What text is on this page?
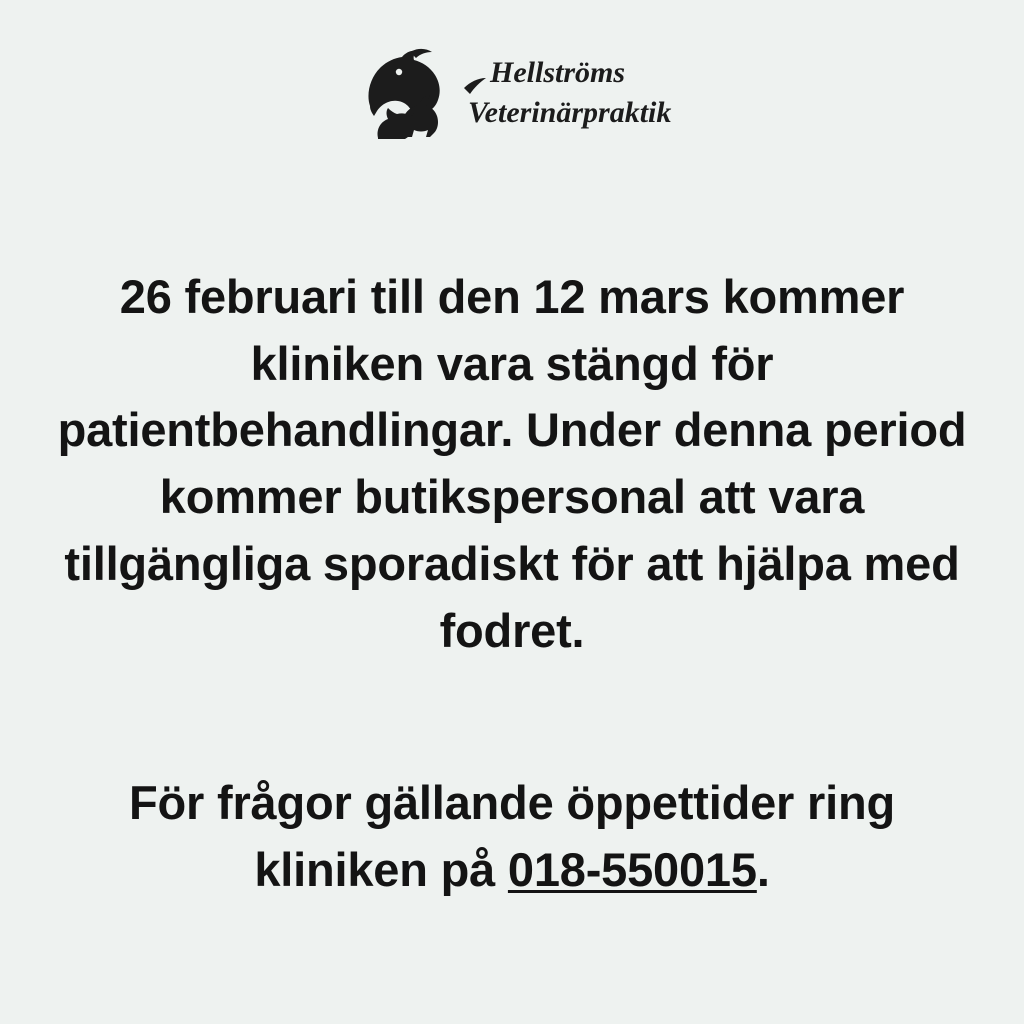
Hellströms
Veterinärpraktik

26 februari till den 12 mars kommer kliniken vara stängd för patientbehandlingar. Under denna period kommer butikspersonal att vara tillgängliga sporadiskt för att hjälpa med fodret.

För frågor gällande öppettider ring kliniken på 018-550015.
